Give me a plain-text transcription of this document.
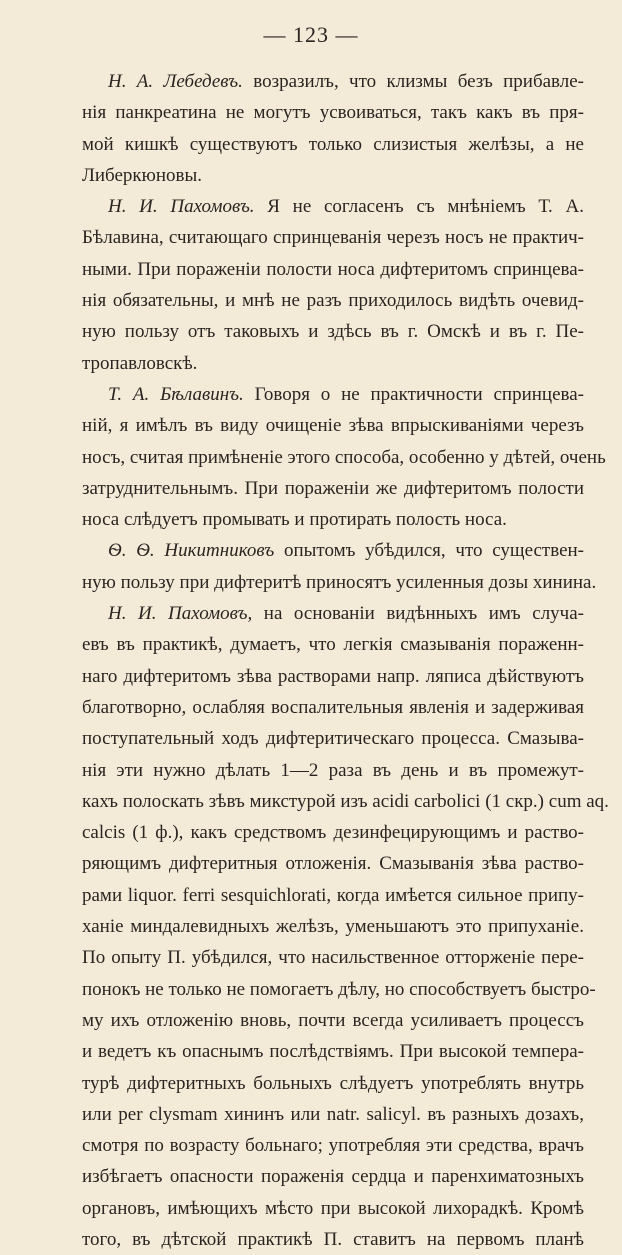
— 123 —
Н. А. Лебедевъ. возразилъ, что клизмы безъ прибавле-
нія панкреатина не могутъ усвоиваться, такъ какъ въ пря-
мой кишкѣ существуютъ только слизистыя желѣзы, а не
Либеркюновы.
Н. И. Пахомовъ. Я не согласенъ съ мнѣніемъ Т. А.
Бѣлавина, считающаго спринцеванія черезъ носъ не практич-
ными. При пораженіи полости носа дифтеритомъ спринцева-
нія обязательны, и мнѣ не разъ приходилось видѣть очевид-
ную пользу отъ таковыхъ и здѣсь въ г. Омскѣ и въ г. Пе-
тропавловскѣ.
Т. А. Бѣлавинъ. Говоря о не практичности спринцева-
ній, я имѣлъ въ виду очищеніе зѣва впрыскиваніями черезъ
носъ, считая примѣненіе этого способа, особенно у дѣтей, очень
затруднительнымъ. При пораженіи же дифтеритомъ полости
носа слѣдуетъ промывать и протирать полость носа.
Ѳ. Ѳ. Никитниковъ опытомъ убѣдился, что существен-
ную пользу при дифтеритѣ приносятъ усиленныя дозы хинина.
Н. И. Пахомовъ, на основаніи видѣнныхъ имъ случа-
евъ въ практикѣ, думаетъ, что легкія смазыванія пораженн-
наго дифтеритомъ зѣва растворами напр. ляписа дѣйствуютъ
благотворно, ослабляя воспалительныя явленія и задерживая
поступательный ходъ дифтеритическаго процесса. Смазыва-
нія эти нужно дѣлать 1—2 раза въ день и въ промежут-
кахъ полоскать зѣвъ микстурой изъ acidi carbolici (1 скр.) cum aq.
calcis (1 ф.), какъ средствомъ дезинфецирующимъ и раство-
ряющимъ дифтеритныя отложенія. Смазыванія зѣва раство-
рами liquor. ferri sesquichlorati, когда имѣется сильное припу-
ханіе миндалевидныхъ желѣзъ, уменьшаютъ это припуханіе.
По опыту П. убѣдился, что насильственное отторженіе пере-
понокъ не только не помогаетъ дѣлу, но способствуетъ быстро-
му ихъ отложенію вновь, почти всегда усиливаетъ процессъ
и ведетъ къ опаснымъ послѣдствіямъ. При высокой темпера-
турѣ дифтеритныхъ больныхъ слѣдуетъ употреблять внутрь
или per clysmam хининъ или natr. salicyl. въ разныхъ дозахъ,
смотря по возрасту больнаго; употребляя эти средства, врачъ
избѣгаетъ опасности пораженія сердца и паренхиматозныхъ
органовъ, имѣющихъ мѣсто при высокой лихорадкѣ. Кромѣ
того, въ дѣтской практикѣ П. ставитъ на первомъ планѣ
